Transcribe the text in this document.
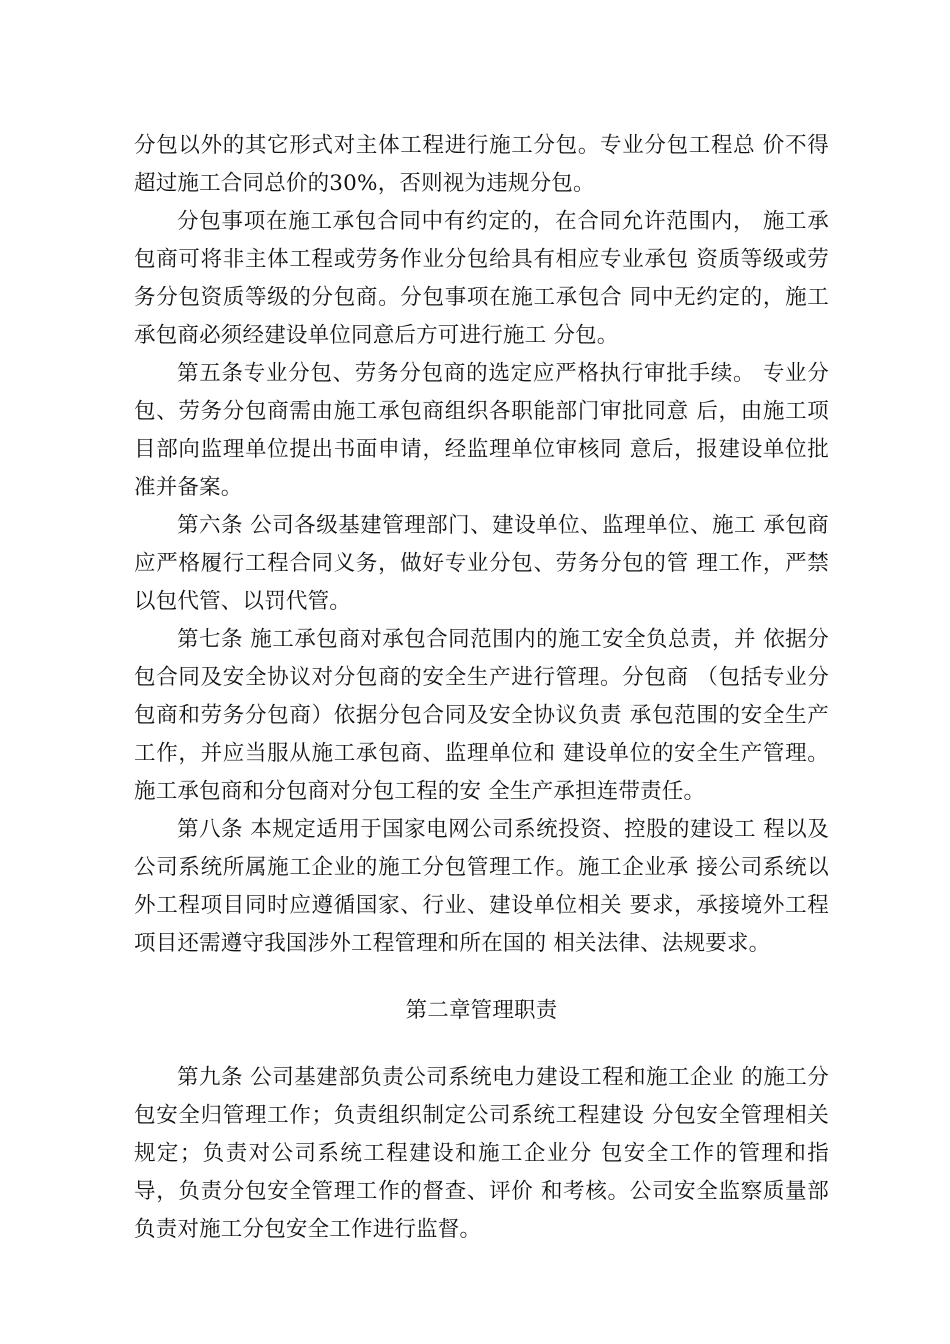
分包以外的其它形式对主体工程进行施工分包。专业分包工程总 价不得超过施工合同总价的30%，否则视为违规分包。

分包事项在施工承包合同中有约定的，在合同允许范围内， 施工承包商可将非主体工程或劳务作业分包给具有相应专业承包 资质等级或劳务分包资质等级的分包商。分包事项在施工承包合 同中无约定的，施工承包商必须经建设单位同意后方可进行施工 分包。

第五条专业分包、劳务分包商的选定应严格执行审批手续。 专业分包、劳务分包商需由施工承包商组织各职能部门审批同意 后，由施工项目部向监理单位提出书面申请，经监理单位审核同 意后，报建设单位批准并备案。

第六条 公司各级基建管理部门、建设单位、监理单位、施工 承包商应严格履行工程合同义务，做好专业分包、劳务分包的管 理工作，严禁以包代管、以罚代管。

第七条 施工承包商对承包合同范围内的施工安全负总责，并 依据分包合同及安全协议对分包商的安全生产进行管理。分包商 （包括专业分包商和劳务分包商）依据分包合同及安全协议负责 承包范围的安全生产工作，并应当服从施工承包商、监理单位和 建设单位的安全生产管理。施工承包商和分包商对分包工程的安 全生产承担连带责任。

第八条 本规定适用于国家电网公司系统投资、控股的建设工 程以及公司系统所属施工企业的施工分包管理工作。施工企业承 接公司系统以外工程项目同时应遵循国家、行业、建设单位相关 要求，承接境外工程项目还需遵守我国涉外工程管理和所在国的 相关法律、法规要求。

第二章管理职责

第九条 公司基建部负责公司系统电力建设工程和施工企业 的施工分包安全归管理工作；负责组织制定公司系统工程建设 分包安全管理相关规定；负责对公司系统工程建设和施工企业分 包安全工作的管理和指导，负责分包安全管理工作的督查、评价 和考核。公司安全监察质量部负责对施工分包安全工作进行监督。
